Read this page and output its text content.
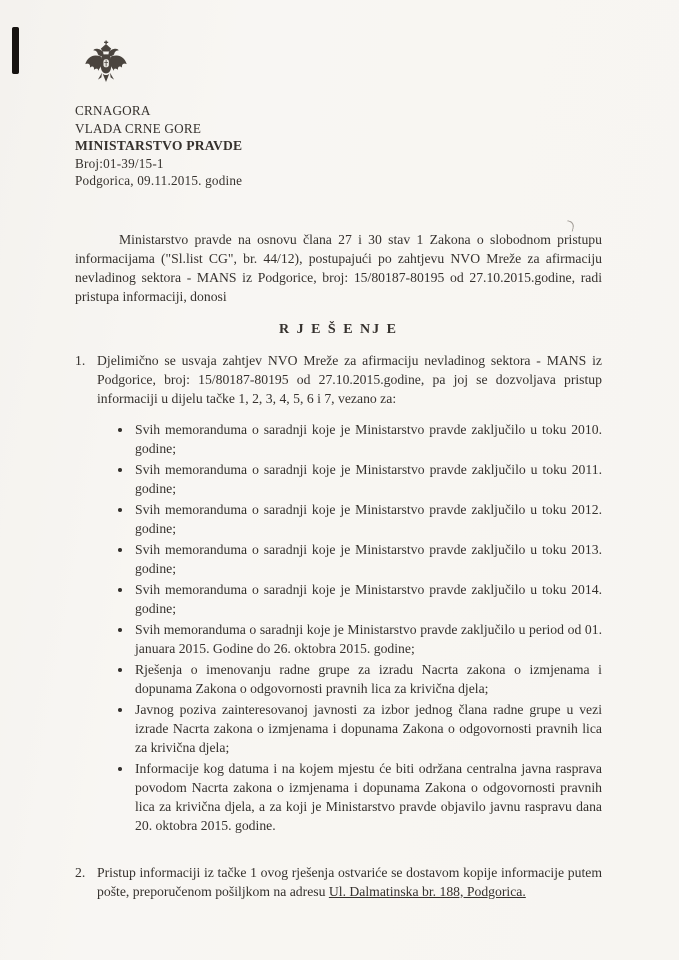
CRNAGORA
VLADA CRNE GORE
MINISTARSTVO PRAVDE
Broj:01-39/15-1
Podgorica, 09.11.2015. godine

Ministarstvo pravde na osnovu člana 27 i 30 stav 1 Zakona o slobodnom pristupu informacijama ("Sl.list CG", br. 44/12), postupajući po zahtjevu NVO Mreže za afirmaciju nevladinog sektora - MANS iz Podgorice, broj: 15/80187-80195 od 27.10.2015.godine, radi pristupa informaciji, donosi

R J E Š E NJ E
1. Djelimično se usvaja zahtjev NVO Mreže za afirmaciju nevladinog sektora - MANS iz Podgorice, broj: 15/80187-80195 od 27.10.2015.godine, pa joj se dozvoljava pristup informaciji u dijelu tačke 1, 2, 3, 4, 5, 6 i 7, vezano za:
• Svih memoranduma o saradnji koje je Ministarstvo pravde zaključilo u toku 2010. godine;
• Svih memoranduma o saradnji koje je Ministarstvo pravde zaključilo u toku 2011. godine;
• Svih memoranduma o saradnji koje je Ministarstvo pravde zaključilo u toku 2012. godine;
• Svih memoranduma o saradnji koje je Ministarstvo pravde zaključilo u toku 2013. godine;
• Svih memoranduma o saradnji koje je Ministarstvo pravde zaključilo u toku 2014. godine;
• Svih memoranduma o saradnji koje je Ministarstvo pravde zaključilo u period od 01. januara 2015. Godine do 26. oktobra 2015. godine;
• Rješenja o imenovanju radne grupe za izradu Nacrta zakona o izmjenama i dopunama Zakona o odgovornosti pravnih lica za krivična djela;
• Javnog poziva zainteresovanoj javnosti za izbor jednog člana radne grupe u vezi izrade Nacrta zakona o izmjenama i dopunama Zakona o odgovornosti pravnih lica za krivična djela;
• Informacije kog datuma i na kojem mjestu će biti održana centralna javna rasprava povodom Nacrta zakona o izmjenama i dopunama Zakona o odgovornosti pravnih lica za krivična djela, a za koji je Ministarstvo pravde objavilo javnu raspravu dana 20. oktobra 2015. godine.
2. Pristup informaciji iz tačke 1 ovog rješenja ostvariće se dostavom kopije informacije putem pošte, preporučenom pošiljkom na adresu Ul. Dalmatinska br. 188, Podgorica.
